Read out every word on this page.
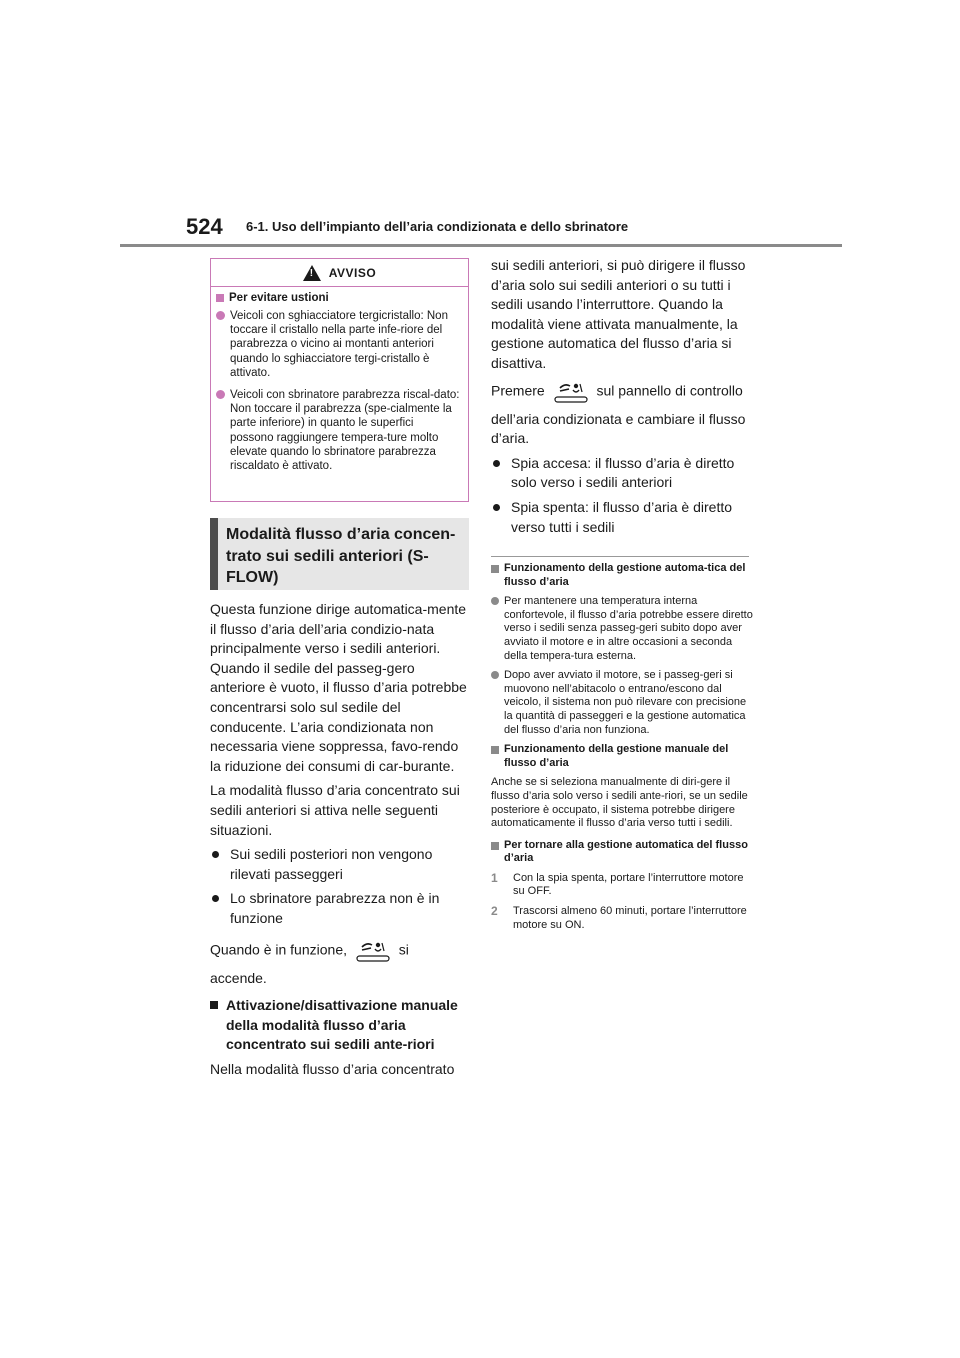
524 6-1. Uso dell’impianto dell’aria condizionata e dello sbrinatore
!
AVVISO
Per evitare ustioni
Veicoli con sghiacciatore tergicristallo: Non toccare il cristallo nella parte infe-riore del parabrezza o vicino ai montanti anteriori quando lo sghiacciatore tergi-cristallo è attivato.
Veicoli con sbrinatore parabrezza riscal-dato: Non toccare il parabrezza (spe-cialmente la parte inferiore) in quanto le superfici possono raggiungere tempera-ture molto elevate quando lo sbrinatore parabrezza riscaldato è attivato.
Modalità flusso d’aria concen-trato sui sedili anteriori (S-FLOW)

Questa funzione dirige automatica-mente il flusso d’aria dell’aria condizio-nata principalmente verso i sedili anteriori. Quando il sedile del passeg-gero anteriore è vuoto, il flusso d’aria potrebbe concentrarsi solo sul sedile del conducente. L’aria condizionata non necessaria viene soppressa, favo-rendo la riduzione dei consumi di car-burante.

La modalità flusso d’aria concentrato sui sedili anteriori si attiva nelle seguenti situazioni.

Sui sedili posteriori non vengono rilevati passeggeri
Lo sbrinatore parabrezza non è in funzione

Quando è in funzione,	si

accende.

Attivazione/disattivazione manuale della modalità flusso d’aria concentrato sui sedili ante-riori

Nella modalità flusso d’aria concentrato

sui sedili anteriori, si può dirigere il flusso d’aria solo sui sedili anteriori o su tutti i sedili usando l’interruttore. Quando la modalità viene attivata manualmente, la gestione automatica del flusso d’aria si disattiva.

Premere	sul pannello di controllo

dell’aria condizionata e cambiare il flusso d’aria.

Spia accesa: il flusso d’aria è diretto solo verso i sedili anteriori
Spia spenta: il flusso d’aria è diretto verso tutti i sedili
Funzionamento della gestione automa-tica del flusso d’aria
Per mantenere una temperatura interna confortevole, il flusso d’aria potrebbe essere diretto verso i sedili senza passeg-geri subito dopo aver avviato il motore e in altre occasioni a seconda della tempera-tura esterna.
Dopo aver avviato il motore, se i passeg-geri si muovono nell’abitacolo o entrano/escono dal veicolo, il sistema non può rilevare con precisione la quantità di passeggeri e la gestione automatica del flusso d’aria non funziona.
Funzionamento della gestione manuale del flusso d’aria
Anche se si seleziona manualmente di diri-gere il flusso d’aria solo verso i sedili ante-riori, se un sedile posteriore è occupato, il sistema potrebbe dirigere automaticamente il flusso d’aria verso tutti i sedili.
Per tornare alla gestione automatica del flusso d’aria
1	Con la spia spenta, portare l’interruttore motore su OFF.
2	Trascorsi almeno 60 minuti, portare l’interruttore motore su ON.
